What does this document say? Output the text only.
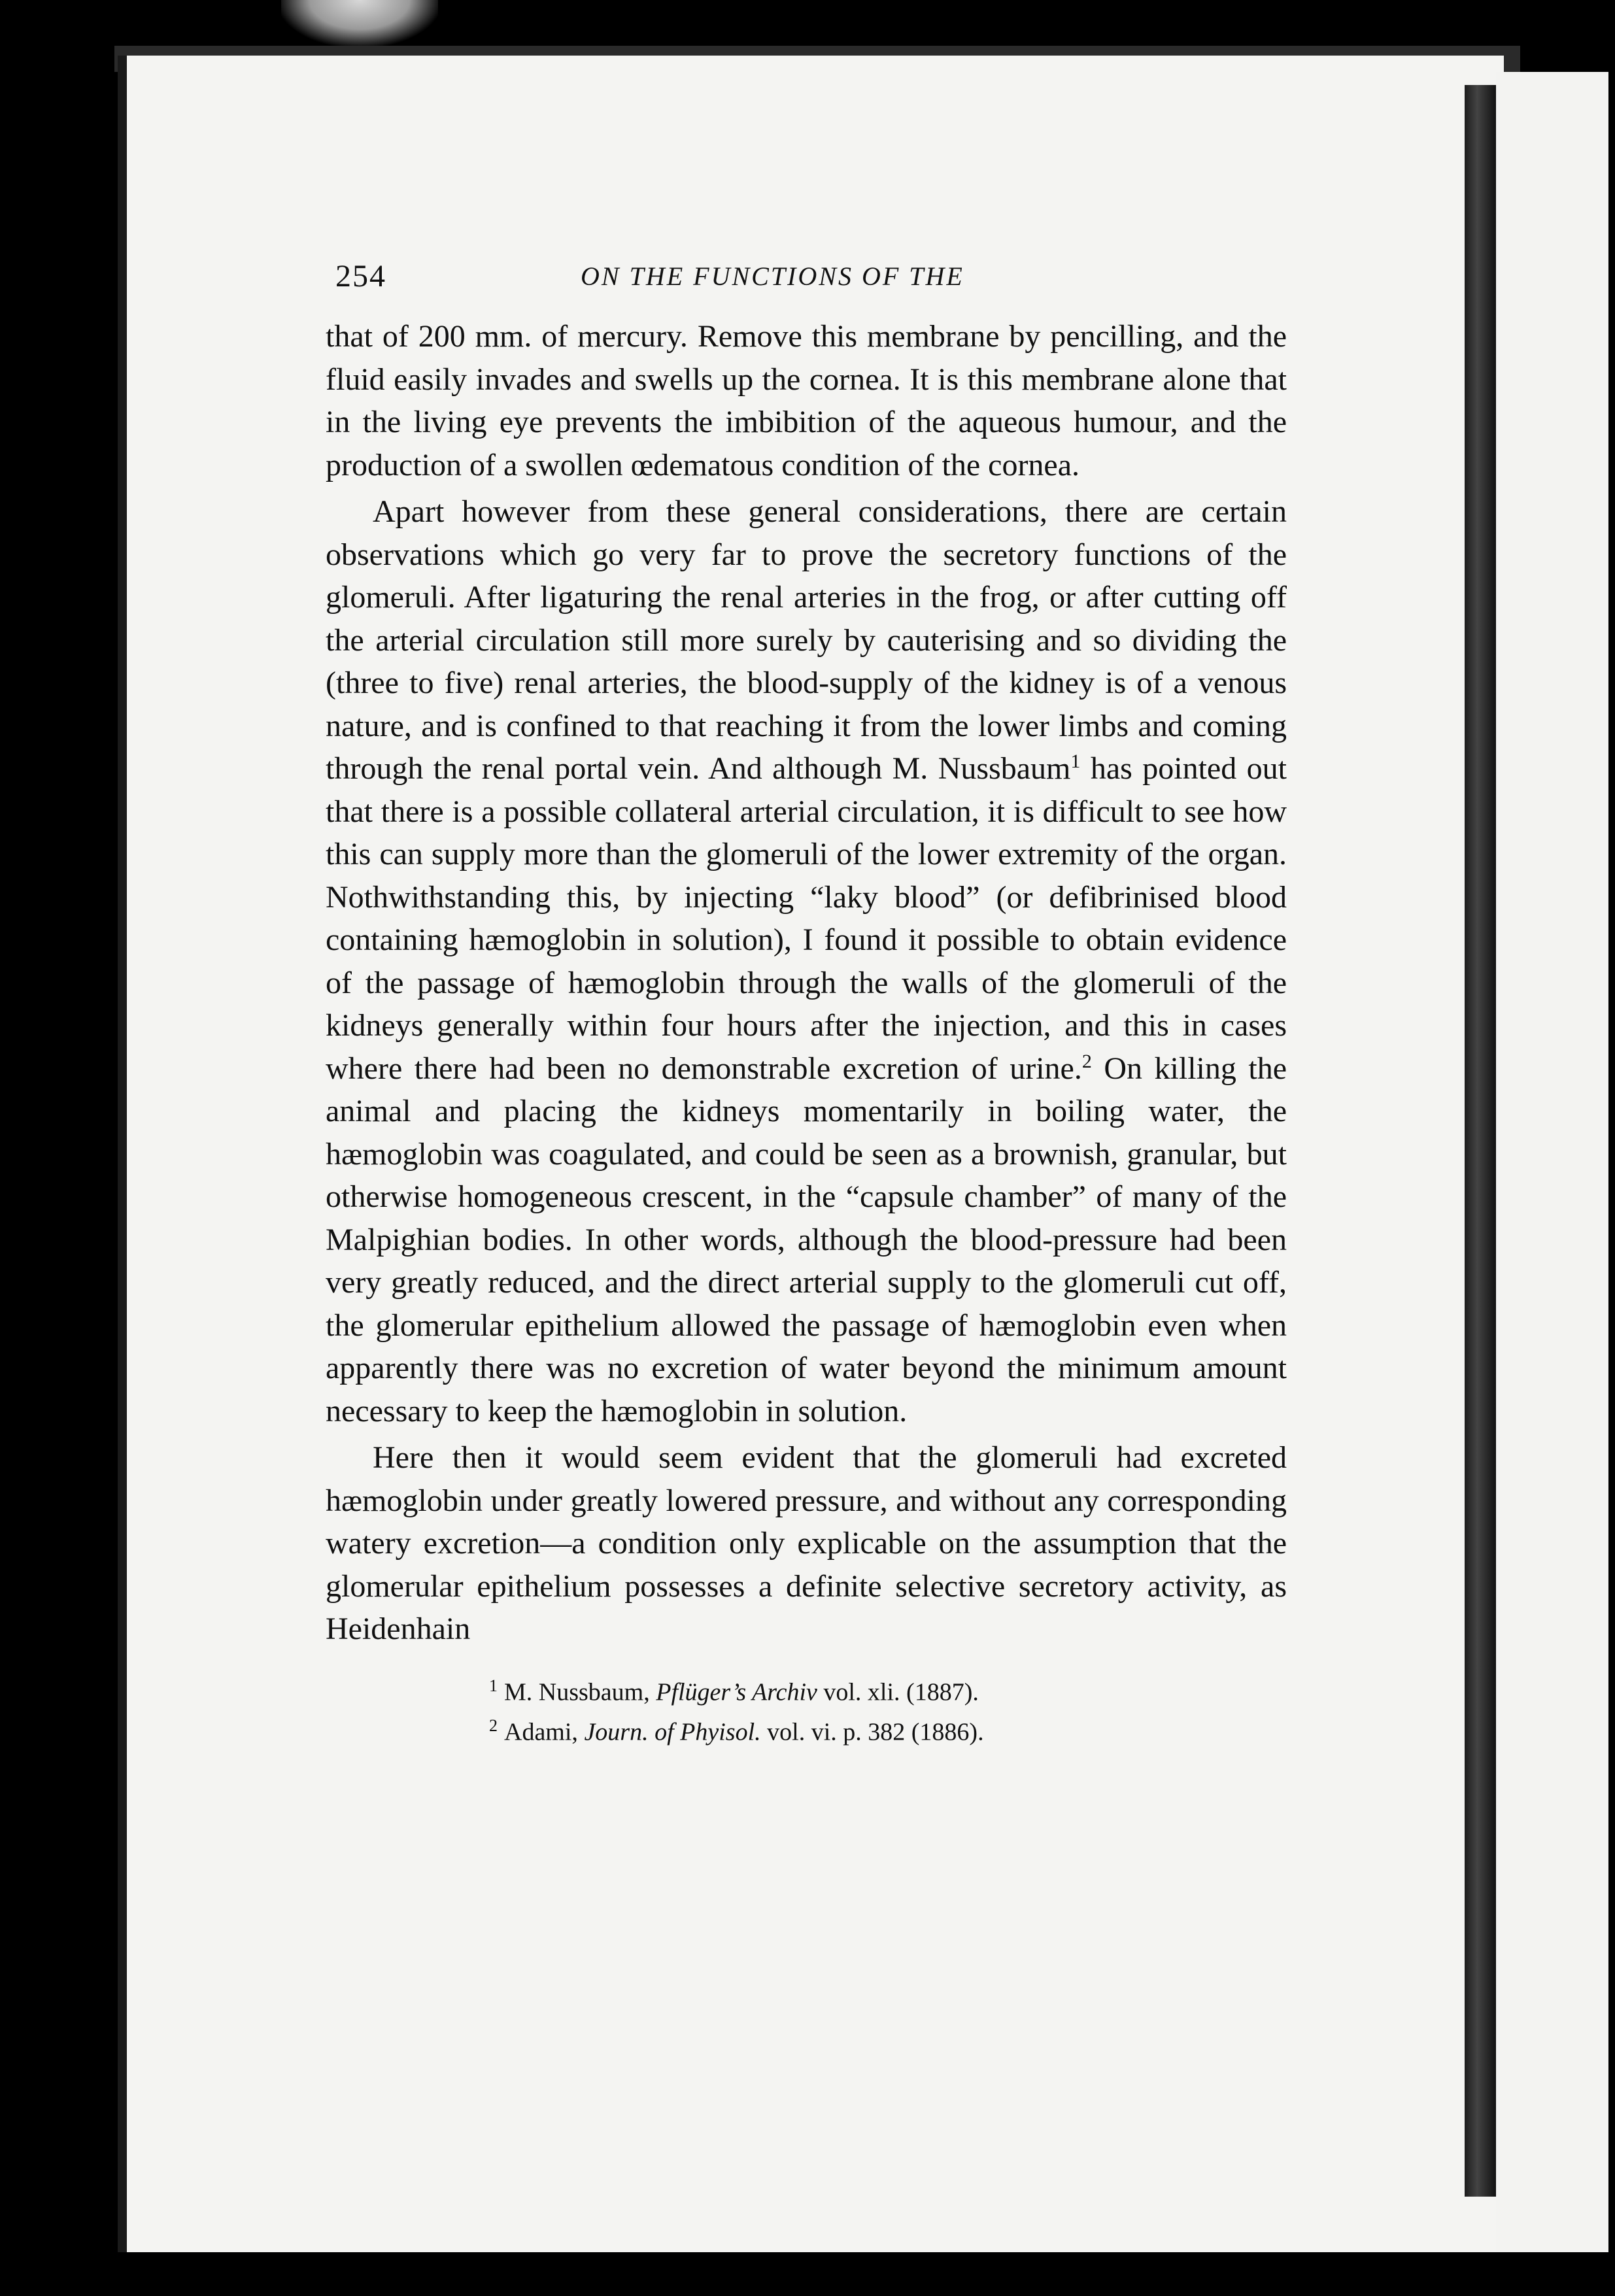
254	ON THE FUNCTIONS OF THE

that of 200 mm. of mercury. Remove this membrane by pencilling, and the fluid easily invades and swells up the cornea. It is this membrane alone that in the living eye prevents the imbibition of the aqueous humour, and the production of a swollen œdematous condition of the cornea.

Apart however from these general considerations, there are certain observations which go very far to prove the secretory functions of the glomeruli. After ligaturing the renal arteries in the frog, or after cutting off the arterial circulation still more surely by cauterising and so dividing the (three to five) renal arteries, the blood-supply of the kidney is of a venous nature, and is confined to that reaching it from the lower limbs and coming through the renal portal vein. And although M. Nussbaum$^1$ has pointed out that there is a possible collateral arterial circulation, it is difficult to see how this can supply more than the glomeruli of the lower extremity of the organ. Nothwithstanding this, by injecting “laky blood” (or defibrinised blood containing hæmoglobin in solution), I found it possible to obtain evidence of the passage of hæmoglobin through the walls of the glomeruli of the kidneys generally within four hours after the injection, and this in cases where there had been no demonstrable excretion of urine.$^2$ On killing the animal and placing the kidneys momentarily in boiling water, the hæmoglobin was coagulated, and could be seen as a brownish, granular, but otherwise homogeneous crescent, in the “capsule chamber” of many of the Malpighian bodies. In other words, although the blood-pressure had been very greatly reduced, and the direct arterial supply to the glomeruli cut off, the glomerular epithelium allowed the passage of hæmoglobin even when apparently there was no excretion of water beyond the minimum amount necessary to keep the hæmoglobin in solution.

Here then it would seem evident that the glomeruli had excreted hæmoglobin under greatly lowered pressure, and without any corresponding watery excretion—a condition only explicable on the assumption that the glomerular epithelium possesses a definite selective secretory activity, as Heidenhain

$^1$ M. Nussbaum, Pflüger’s Archiv vol. xli. (1887).
$^2$ Adami, Journ. of Phyisol. vol. vi. p. 382 (1886).
